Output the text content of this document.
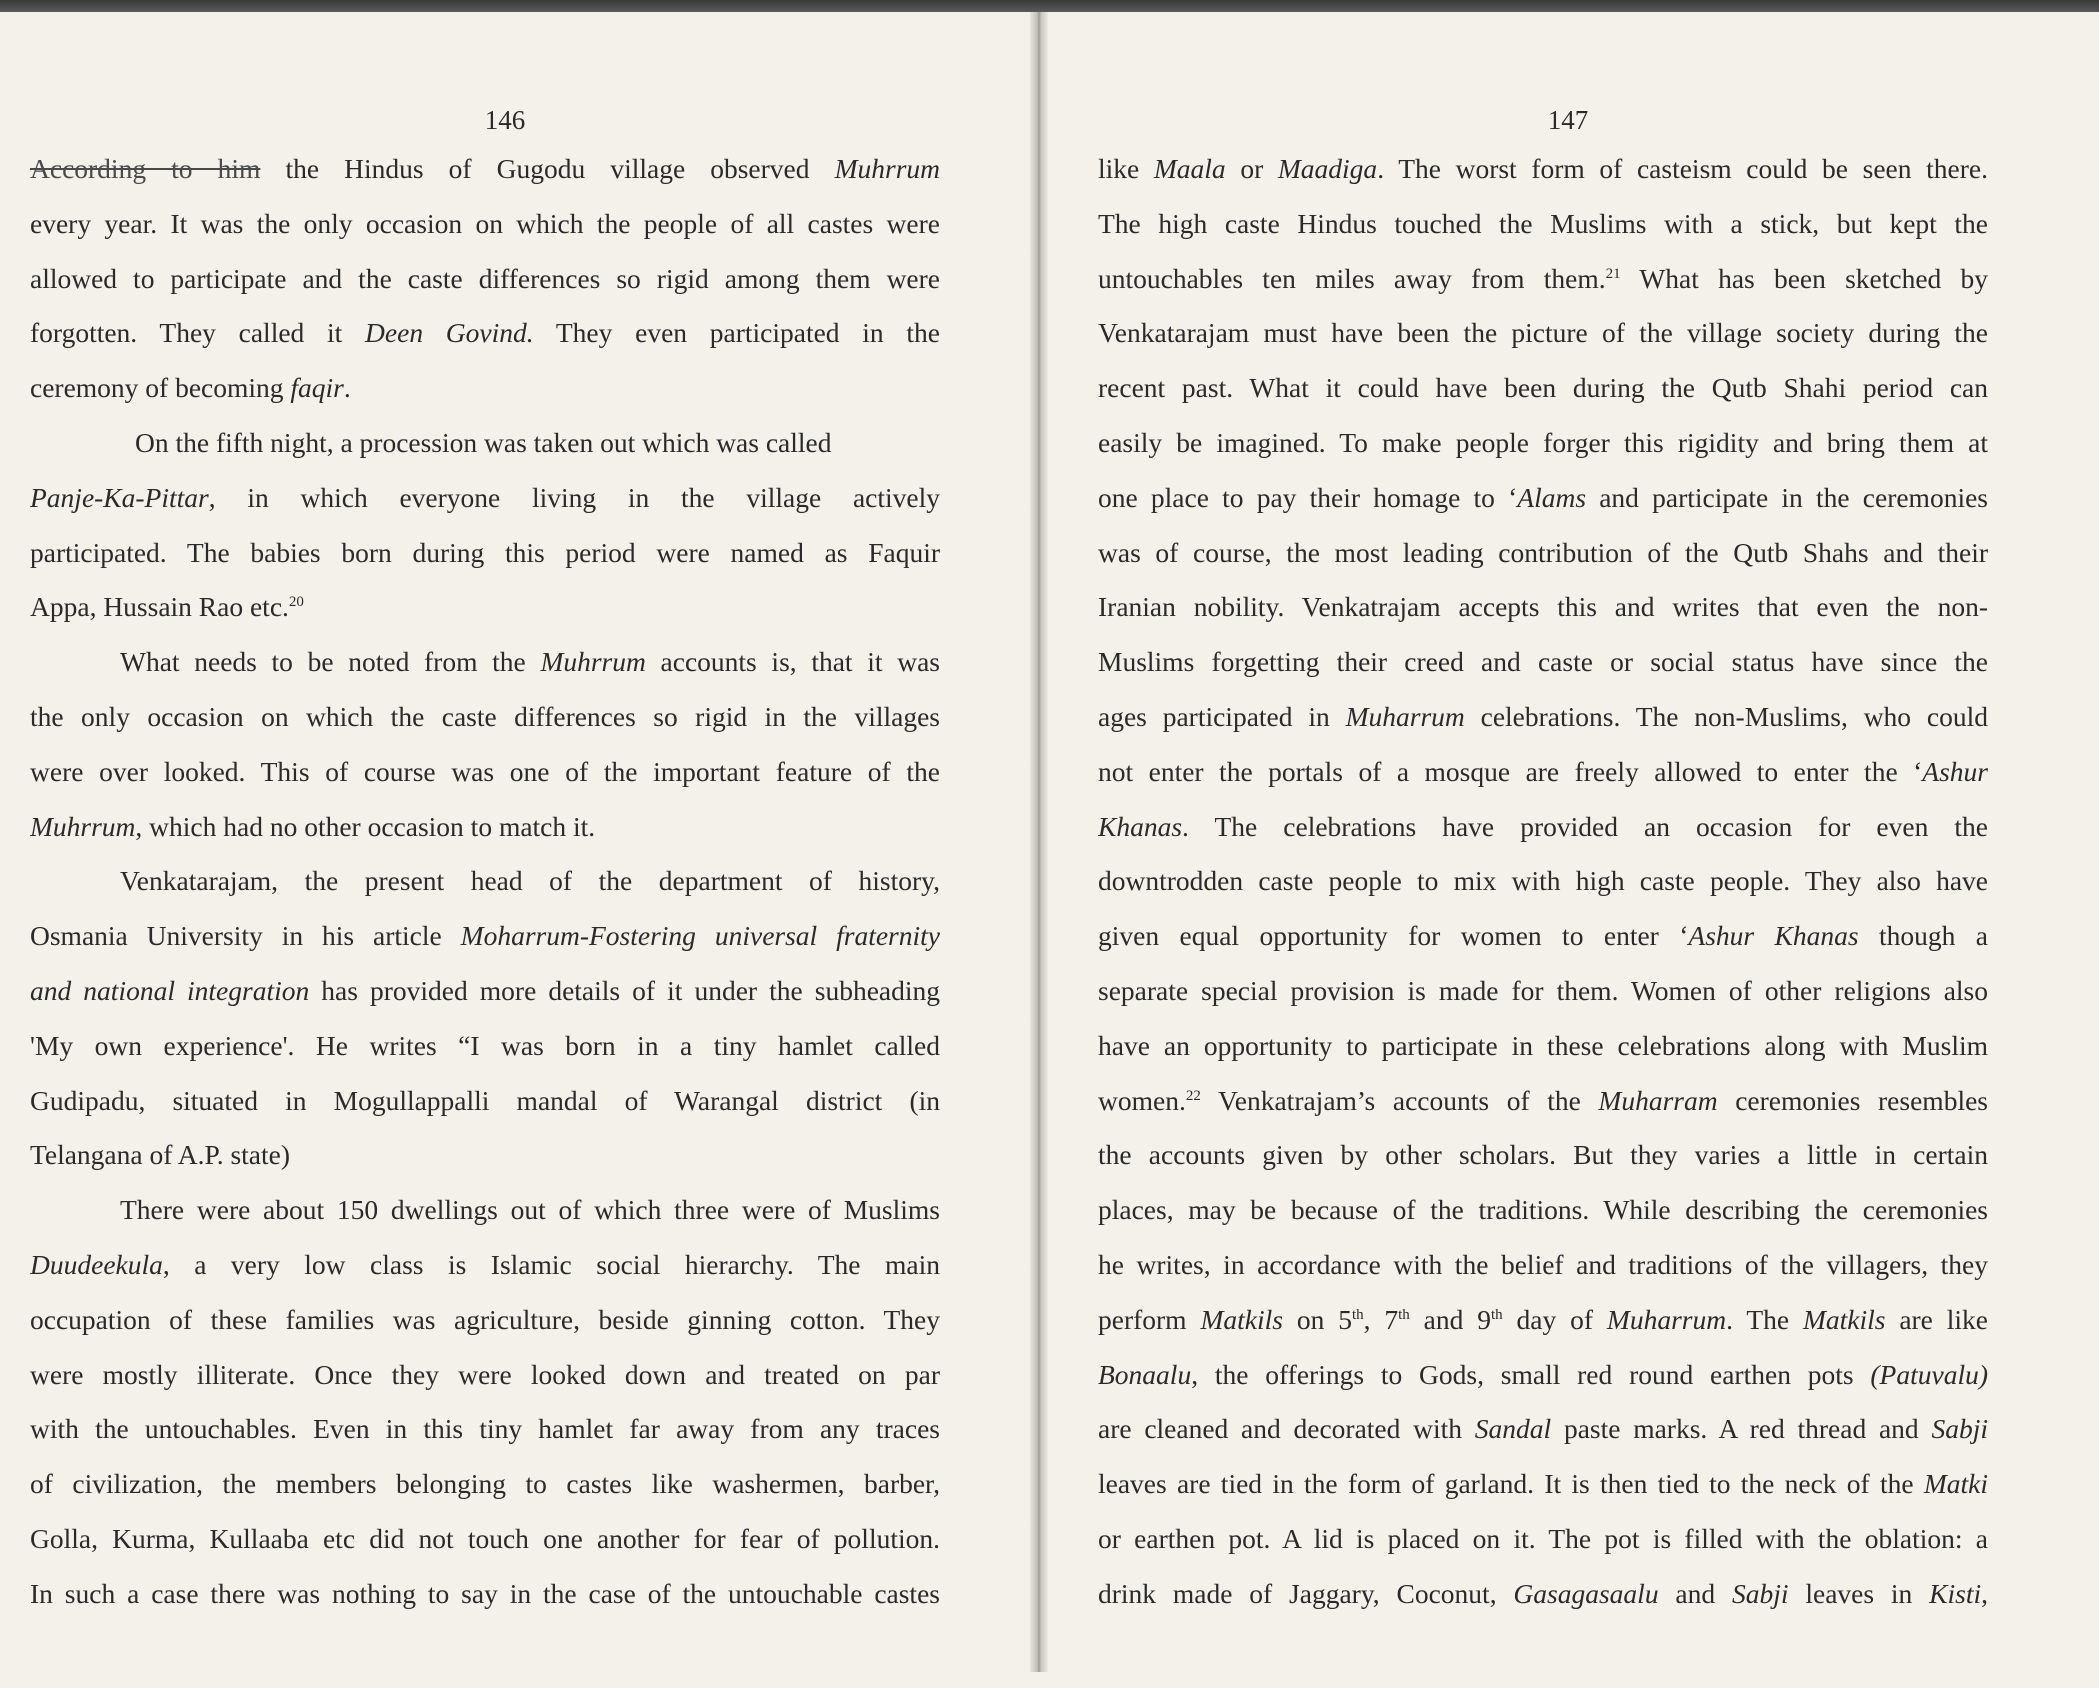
146
According to him the Hindus of Gugodu village observed Muhrrum
every year. It was the only occasion on which the people of all castes were
allowed to participate and the caste differences so rigid among them were
forgotten. They called it Deen Govind. They even participated in the
ceremony of becoming faqir.
On the fifth night, a procession was taken out which was called
Panje-Ka-Pittar, in which everyone living in the village actively
participated. The babies born during this period were named as Faquir
Appa, Hussain Rao etc.$^{20}$
What needs to be noted from the Muhrrum accounts is, that it was
the only occasion on which the caste differences so rigid in the villages
were over looked. This of course was one of the important feature of the
Muhrrum, which had no other occasion to match it.
Venkatarajam, the present head of the department of history,
Osmania University in his article Moharrum-Fostering universal fraternity
and national integration has provided more details of it under the subheading
'My own experience'. He writes “I was born in a tiny hamlet called
Gudipadu, situated in Mogullappalli mandal of Warangal district (in
Telangana of A.P. state)
There were about 150 dwellings out of which three were of Muslims
Duudeekula, a very low class is Islamic social hierarchy. The main
occupation of these families was agriculture, beside ginning cotton. They
were mostly illiterate. Once they were looked down and treated on par
with the untouchables. Even in this tiny hamlet far away from any traces
of civilization, the members belonging to castes like washermen, barber,
Golla, Kurma, Kullaaba etc did not touch one another for fear of pollution.
In such a case there was nothing to say in the case of the untouchable castes
147
like Maala or Maadiga. The worst form of casteism could be seen there.
The high caste Hindus touched the Muslims with a stick, but kept the
untouchables ten miles away from them.$^{21}$ What has been sketched by
Venkatarajam must have been the picture of the village society during the
recent past. What it could have been during the Qutb Shahi period can
easily be imagined. To make people forger this rigidity and bring them at
one place to pay their homage to ‘Alams and participate in the ceremonies
was of course, the most leading contribution of the Qutb Shahs and their
Iranian nobility. Venkatrajam accepts this and writes that even the non-
Muslims forgetting their creed and caste or social status have since the
ages participated in Muharrum celebrations. The non-Muslims, who could
not enter the portals of a mosque are freely allowed to enter the ‘Ashur
Khanas. The celebrations have provided an occasion for even the
downtrodden caste people to mix with high caste people. They also have
given equal opportunity for women to enter ‘Ashur Khanas though a
separate special provision is made for them. Women of other religions also
have an opportunity to participate in these celebrations along with Muslim
women.$^{22}$ Venkatrajam’s accounts of the Muharram ceremonies resembles
the accounts given by other scholars. But they varies a little in certain
places, may be because of the traditions. While describing the ceremonies
he writes, in accordance with the belief and traditions of the villagers, they
perform Matkils on 5th, 7th and 9th day of Muharrum. The Matkils are like
Bonaalu, the offerings to Gods, small red round earthen pots (Patuvalu)
are cleaned and decorated with Sandal paste marks. A red thread and Sabji
leaves are tied in the form of garland. It is then tied to the neck of the Matki
or earthen pot. A lid is placed on it. The pot is filled with the oblation: a
drink made of Jaggary, Coconut, Gasagasaalu and Sabji leaves in Kisti,
